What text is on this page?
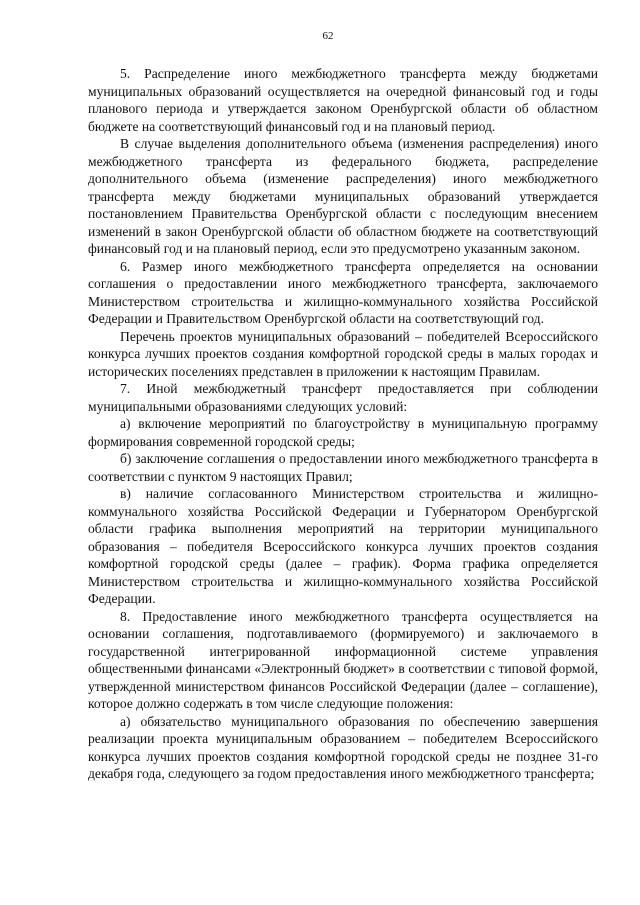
62

5. Распределение иного межбюджетного трансферта между бюджетами муниципальных образований осуществляется на очередной финансовый год и годы планового периода и утверждается законом Оренбургской области об областном бюджете на соответствующий финансовый год и на плановый период.

В случае выделения дополнительного объема (изменения распределения) иного межбюджетного трансферта из федерального бюджета, распределение дополнительного объема (изменение распределения) иного межбюджетного трансферта между бюджетами муниципальных образований утверждается постановлением Правительства Оренбургской области с последующим внесением изменений в закон Оренбургской области об областном бюджете на соответствующий финансовый год и на плановый период, если это предусмотрено указанным законом.

6. Размер иного межбюджетного трансферта определяется на основании соглашения о предоставлении иного межбюджетного трансферта, заключаемого Министерством строительства и жилищно-коммунального хозяйства Российской Федерации и Правительством Оренбургской области на соответствующий год.

Перечень проектов муниципальных образований – победителей Всероссийского конкурса лучших проектов создания комфортной городской среды в малых городах и исторических поселениях представлен в приложении к настоящим Правилам.

7. Иной межбюджетный трансферт предоставляется при соблюдении муниципальными образованиями следующих условий:

а) включение мероприятий по благоустройству в муниципальную программу формирования современной городской среды;

б) заключение соглашения о предоставлении иного межбюджетного трансферта в соответствии с пунктом 9 настоящих Правил;

в) наличие согласованного Министерством строительства и жилищно-коммунального хозяйства Российской Федерации и Губернатором Оренбургской области графика выполнения мероприятий на территории муниципального образования – победителя Всероссийского конкурса лучших проектов создания комфортной городской среды (далее – график). Форма графика определяется Министерством строительства и жилищно-коммунального хозяйства Российской Федерации.

8. Предоставление иного межбюджетного трансферта осуществляется на основании соглашения, подготавливаемого (формируемого) и заключаемого в государственной интегрированной информационной системе управления общественными финансами «Электронный бюджет» в соответствии с типовой формой, утвержденной министерством финансов Российской Федерации (далее – соглашение), которое должно содержать в том числе следующие положения:

а) обязательство муниципального образования по обеспечению завершения реализации проекта муниципальным образованием – победителем Всероссийского конкурса лучших проектов создания комфортной городской среды не позднее 31-го декабря года, следующего за годом предоставления иного межбюджетного трансферта;
